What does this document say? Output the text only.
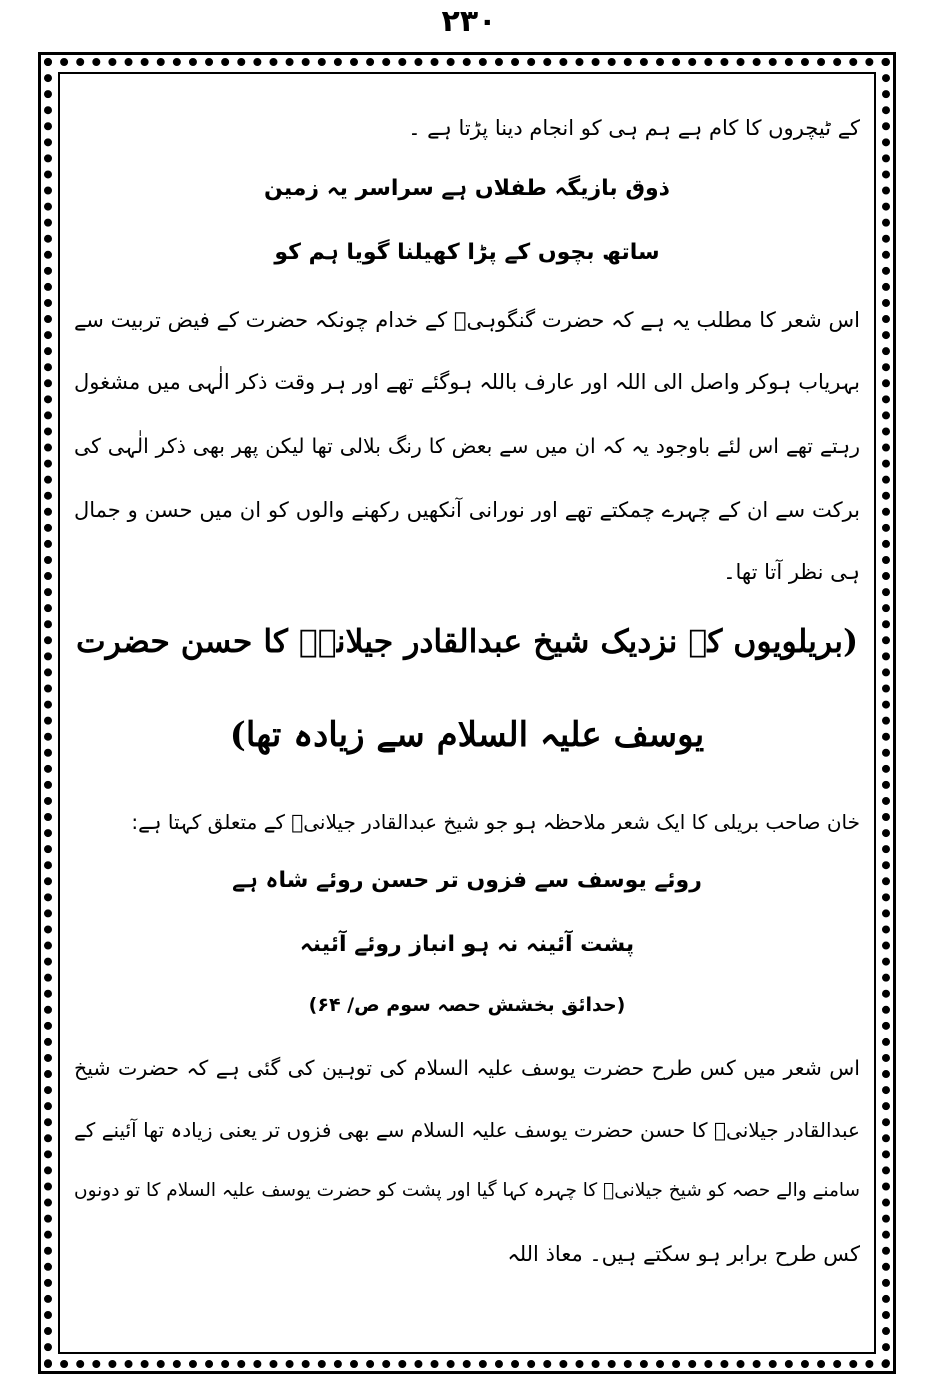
۲۳۰
کے ٹیچروں کا کام ہے ہم ہی کو انجام دینا پڑتا ہے ۔
ذوق بازیگہ طفلاں ہے سراسر یہ زمین
ساتھ بچوں کے پڑا کھیلنا گویا ہم کو
اس شعر کا مطلب یہ ہے کہ حضرت گنگوہیؒ کے خدام چونکہ حضرت کے فیض تربیت سے
بہریاب ہوکر واصل الی اللہ اور عارف باللہ ہوگئے تھے اور ہر وقت ذکر الٰہی میں مشغول
رہتے تھے اس لئے باوجود یہ کہ ان میں سے بعض کا رنگ بلالی تھا لیکن پھر بھی ذکر الٰہی کی
برکت سے ان کے چہرے چمکتے تھے اور نورانی آنکھیں رکھنے والوں کو ان میں حسن و جمال
ہی نظر آتا تھا۔
(بریلویوں کے نزدیک شیخ عبدالقادر جیلانیؒ کا حسن حضرت
یوسف علیہ السلام سے زیادہ تھا)
خان صاحب بریلی کا ایک شعر ملاحظہ ہو جو شیخ عبدالقادر جیلانیؒ کے متعلق کہتا ہے:
روئے یوسف سے فزوں تر حسن روئے شاہ ہے
پشت آئینہ نہ ہو انباز روئے آئینہ
(حدائق بخشش حصہ سوم ص/ ۶۴)
اس شعر میں کس طرح حضرت یوسف علیہ السلام کی توہین کی گئی ہے کہ حضرت شیخ
عبدالقادر جیلانیؒ کا حسن حضرت یوسف علیہ السلام سے بھی فزوں تر یعنی زیادہ تھا آئینے کے
سامنے والے حصہ کو شیخ جیلانیؒ کا چہرہ کہا گیا اور پشت کو حضرت یوسف علیہ السلام کا تو دونوں
کس طرح برابر ہو سکتے ہیں۔ معاذ اللہ
